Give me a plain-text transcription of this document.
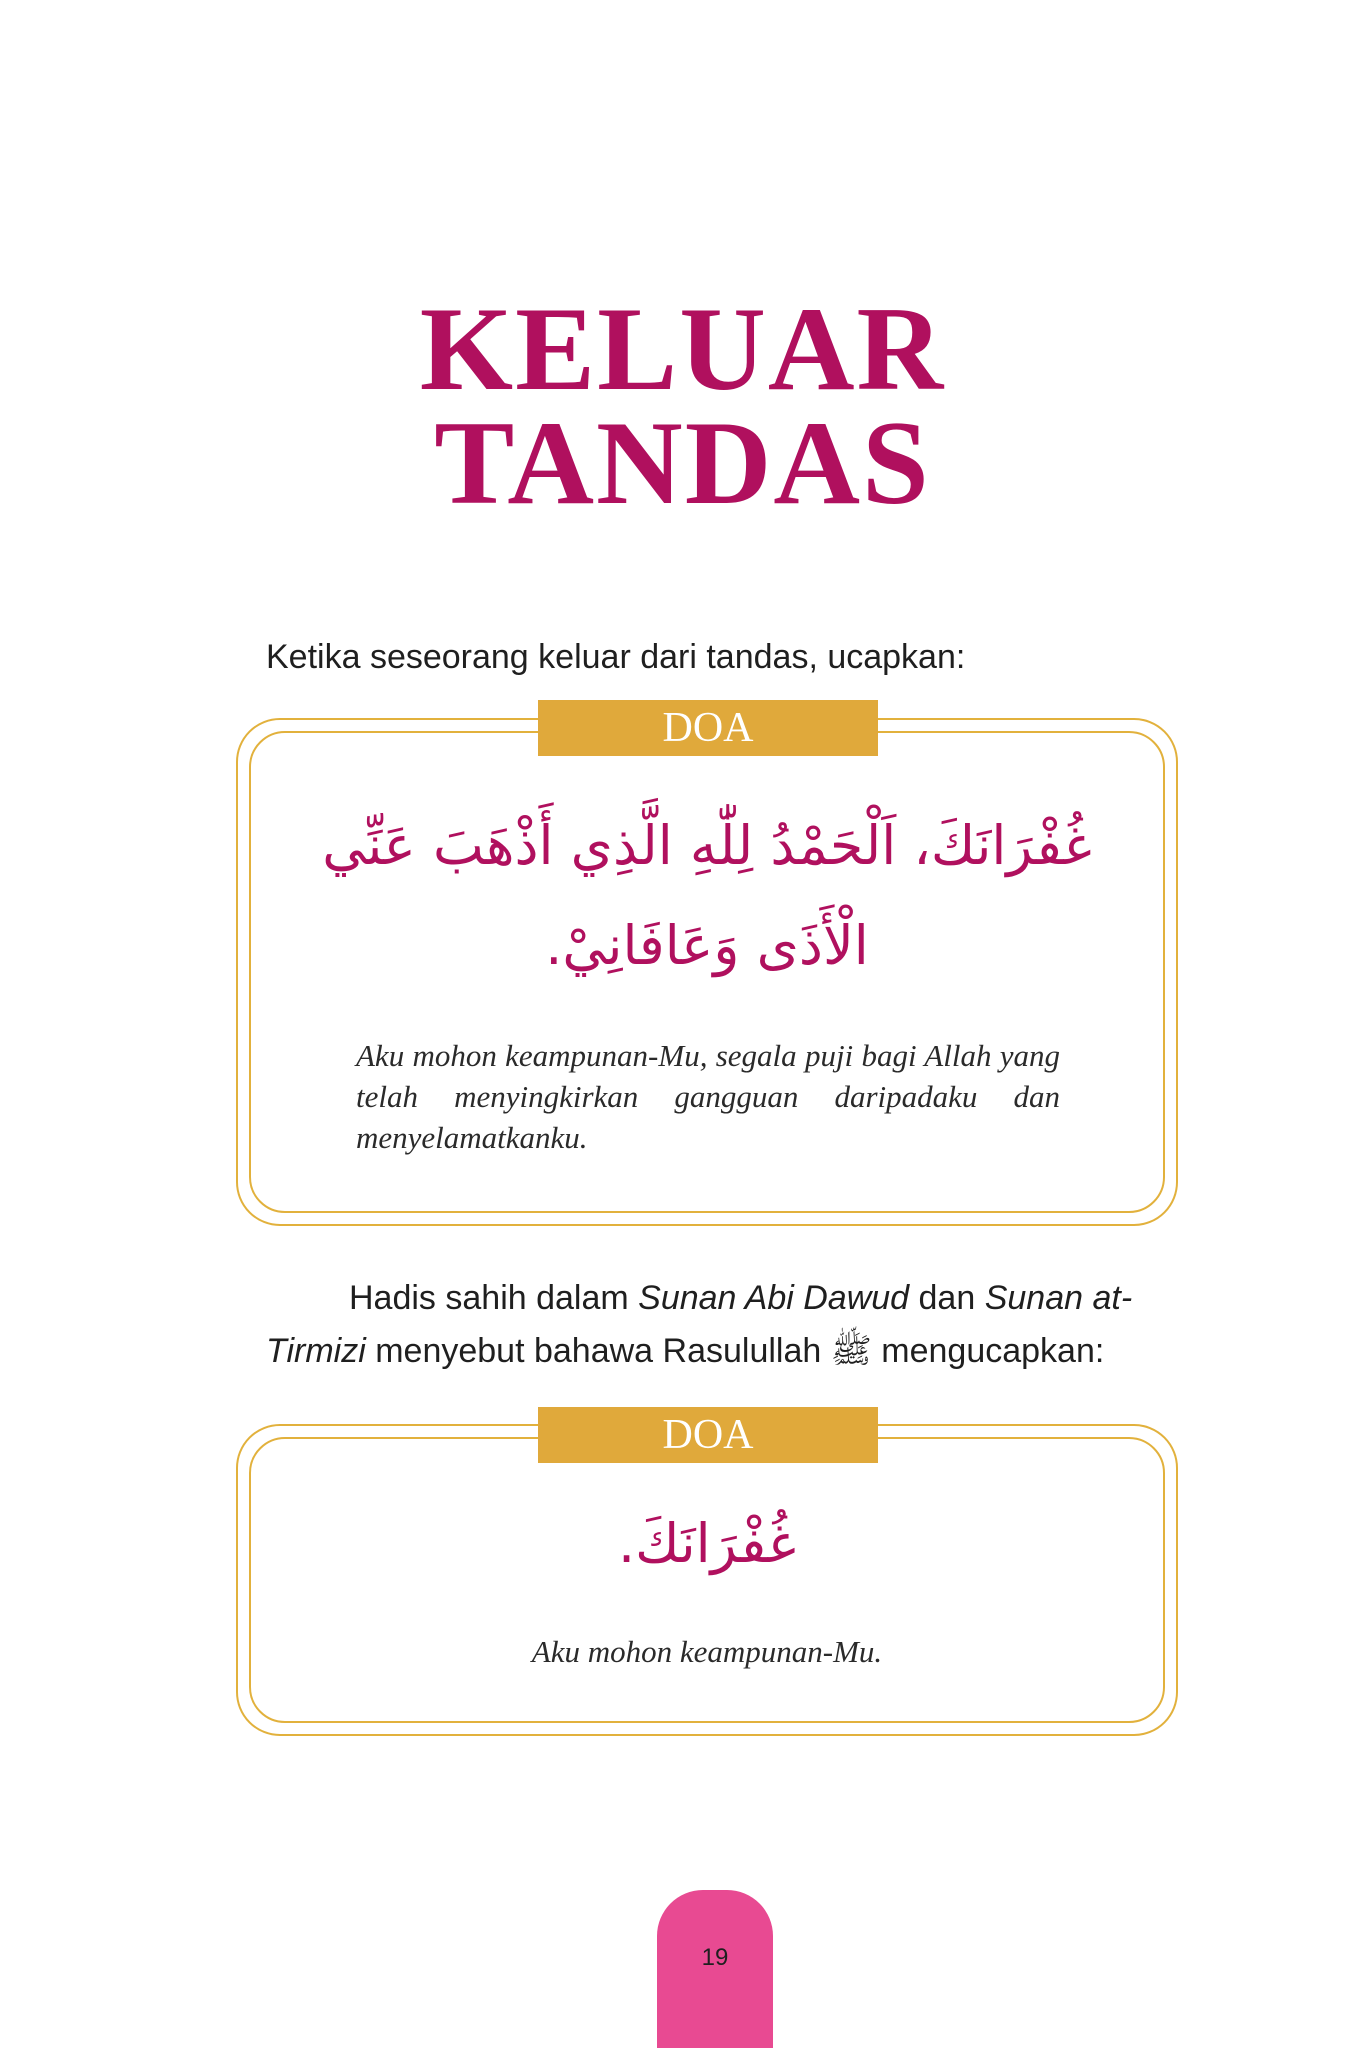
KELUAR
TANDAS

Ketika seseorang keluar dari tandas, ucapkan:

DOA

غُفْرَانَكَ، اَلْحَمْدُ لِلّٰهِ الَّذِي أَذْهَبَ عَنِّي
الْأَذَى وَعَافَانِيْ.

Aku mohon keampunan-Mu, segala puji bagi Allah yang telah menyingkirkan gangguan daripadaku dan menyelamatkanku.

Hadis sahih dalam Sunan Abi Dawud dan Sunan at-Tirmizi menyebut bahawa Rasulullah ﷺ mengucapkan:

DOA

غُفْرَانَكَ.

Aku mohon keampunan-Mu.

19
